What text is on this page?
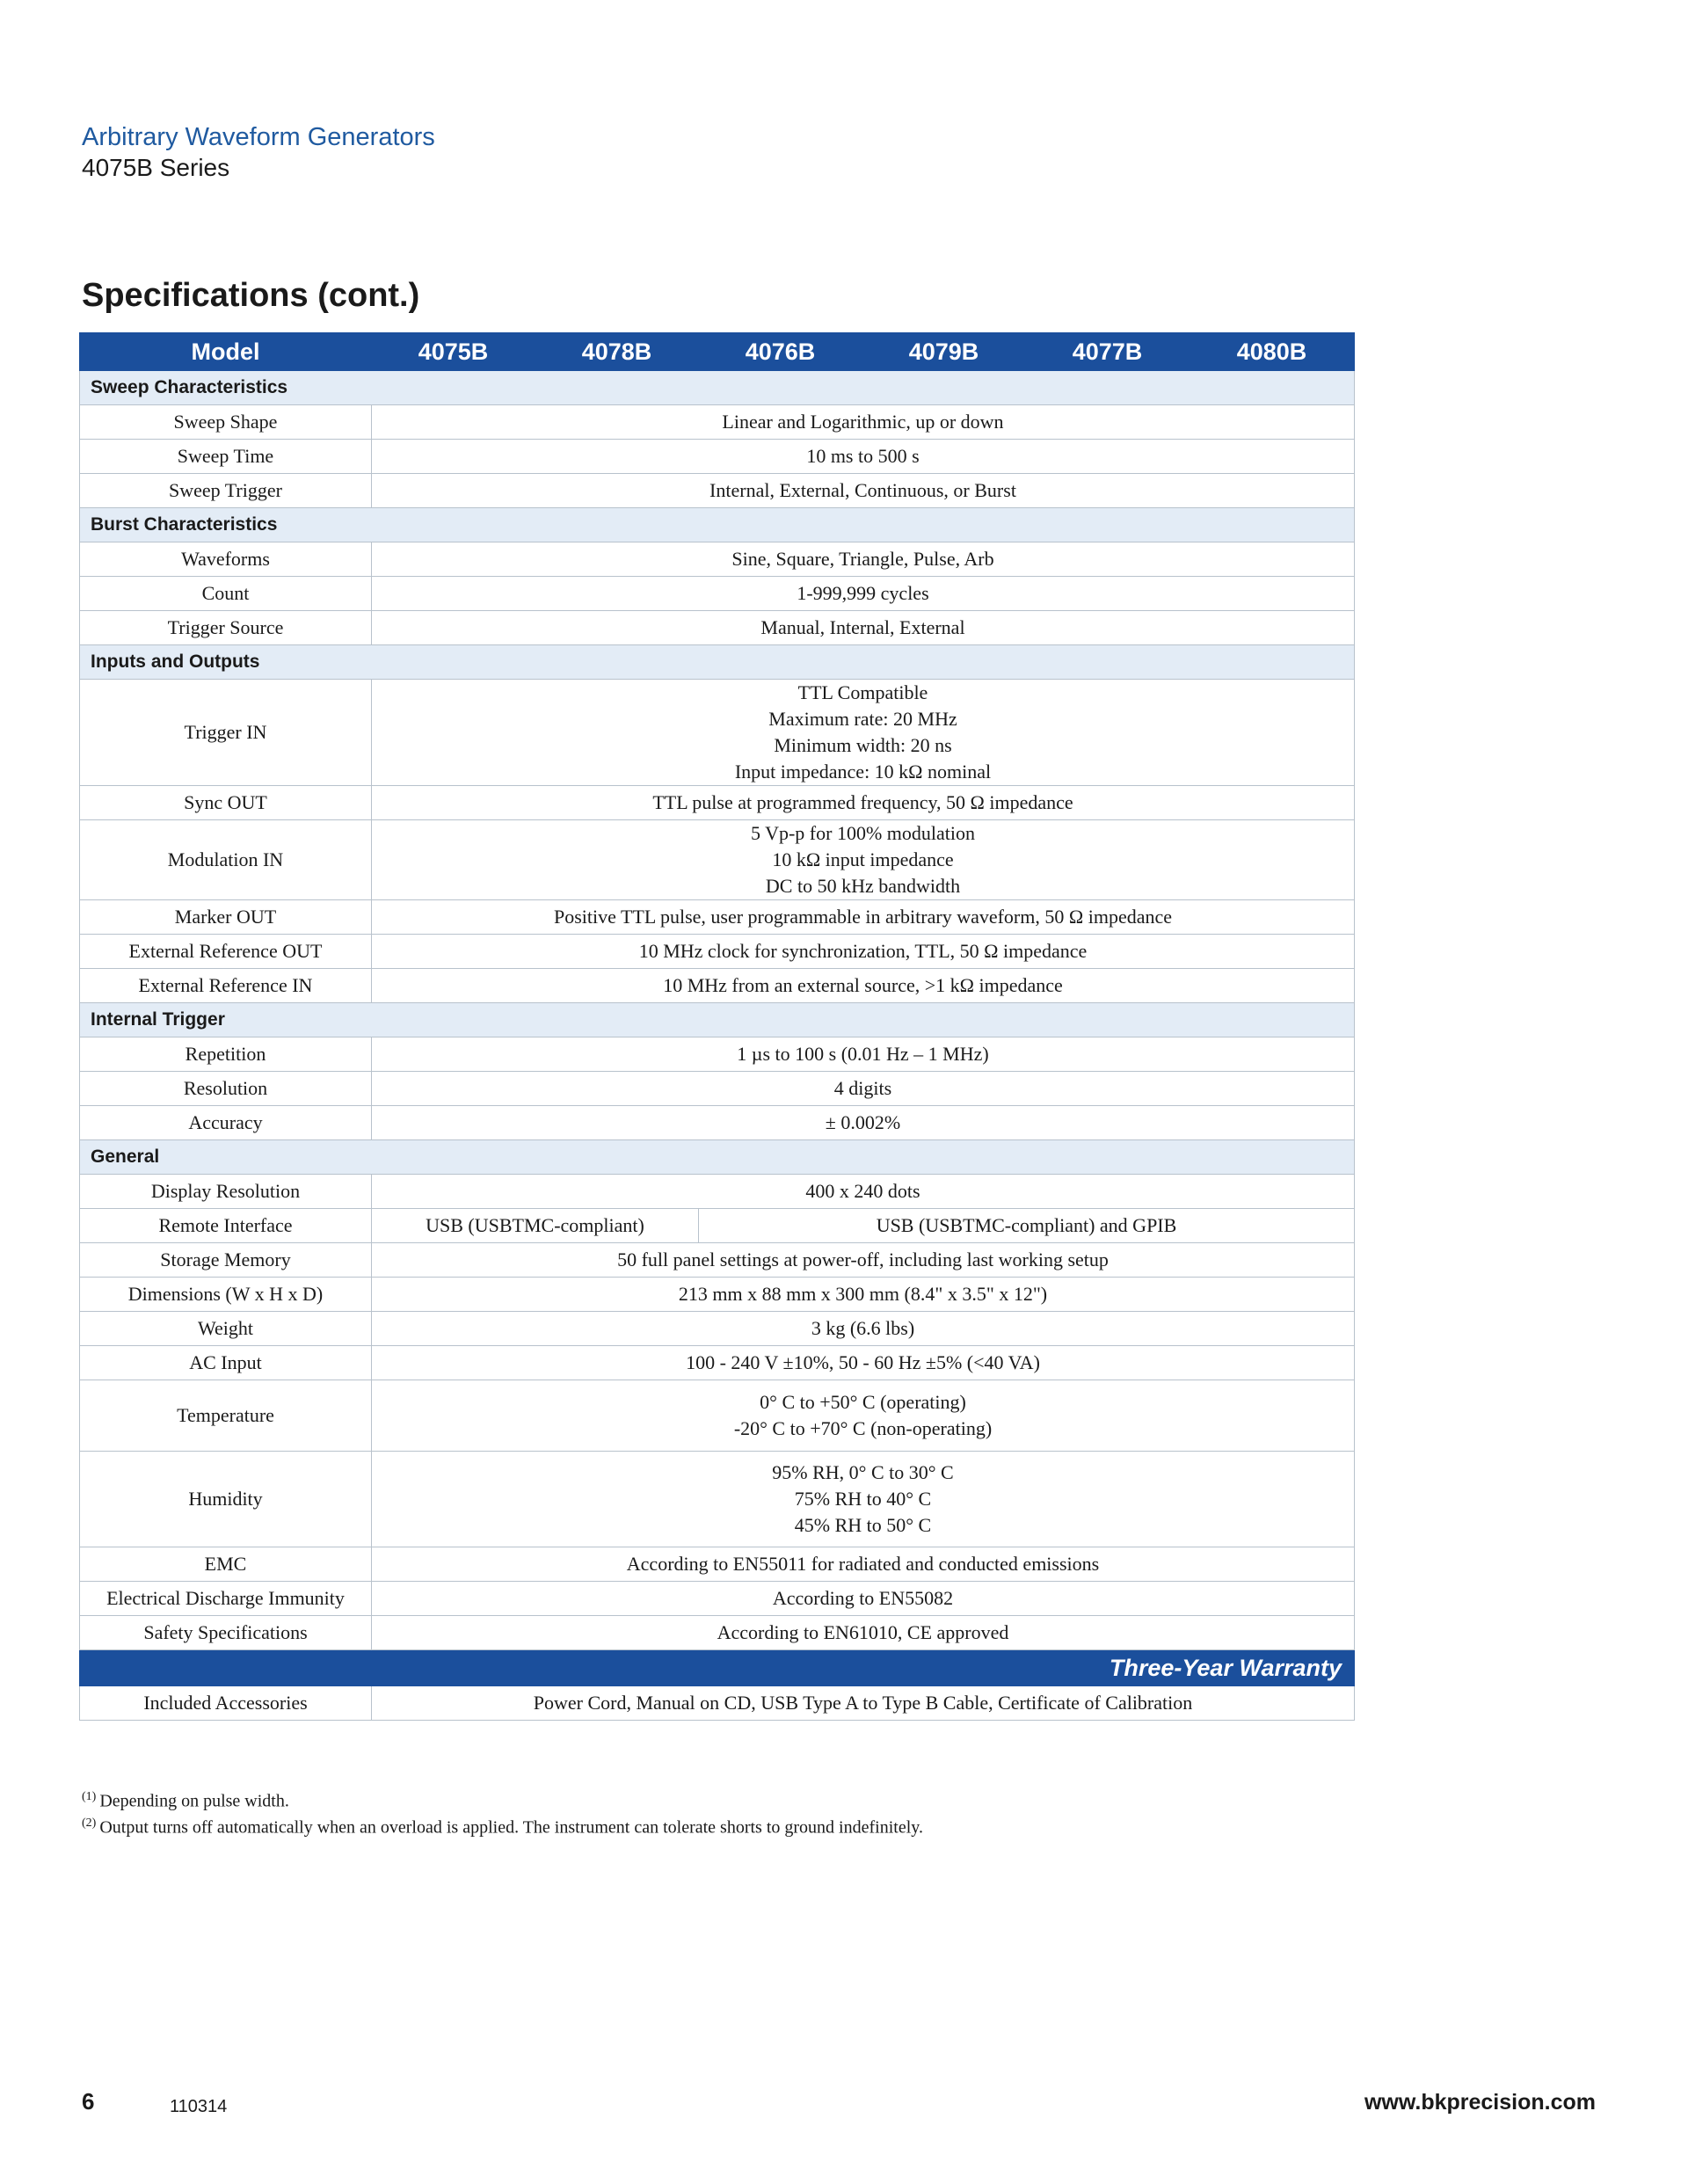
Arbitrary Waveform Generators
4075B Series
Specifications (cont.)
Model	4075B	4078B	4076B	4079B	4077B	4080B
Sweep Characteristics						
Sweep Shape	Linear and Logarithmic, up or down					
Sweep Time	10 ms to 500 s					
Sweep Trigger	Internal, External, Continuous, or Burst					
Burst Characteristics						
Waveforms	Sine, Square, Triangle, Pulse, Arb					
Count	1-999,999 cycles					
Trigger Source	Manual, Internal, External					
Inputs and Outputs						
Trigger IN	TTL Compatible
Maximum rate: 20 MHz
Minimum width: 20 ns
Input impedance: 10 kΩ nominal					

Sync OUT	TTL pulse at programmed frequency, 50 Ω impedance					
Modulation IN	5 Vp-p for 100% modulation
10 kΩ input impedance
DC to 50 kHz bandwidth					

Marker OUT	Positive TTL pulse, user programmable in arbitrary waveform, 50 Ω impedance					
External Reference OUT	10 MHz clock for synchronization, TTL, 50 Ω impedance					
External Reference IN	10 MHz from an external source, >1 kΩ impedance					
Internal Trigger						
Repetition	1 µs to 100 s (0.01 Hz – 1 MHz)					
Resolution	4 digits					
Accuracy	± 0.002%					
General						
Display Resolution	400 x 240 dots					
Remote Interface	USB (USBTMC-compliant)		USB (USBTMC-compliant) and GPIB			
Storage Memory	50 full panel settings at power-off, including last working setup					
Dimensions (W x H x D)	213 mm x 88 mm x 300 mm (8.4" x 3.5" x 12")					
Weight	3 kg (6.6 lbs)					
AC Input	100 - 240 V ±10%, 50 - 60 Hz ±5% (<40 VA)					
Temperature	0° C to +50° C (operating)
-20° C to +70° C (non-operating)					

Humidity	95% RH, 0° C to 30° C
75% RH to 40° C
45% RH to 50° C					

EMC	According to EN55011 for radiated and conducted emissions					
Electrical Discharge Immunity	According to EN55082					
Safety Specifications	According to EN61010, CE approved					
Three-Year Warranty						
Included Accessories	Power Cord, Manual on CD, USB Type A to Type B Cable, Certificate of Calibration					
$^{(1)}$ Depending on pulse width.
$^{(2)}$ Output turns off automatically when an overload is applied. The instrument can tolerate shorts to ground indefinitely.
6	110314	www.bkprecision.com
